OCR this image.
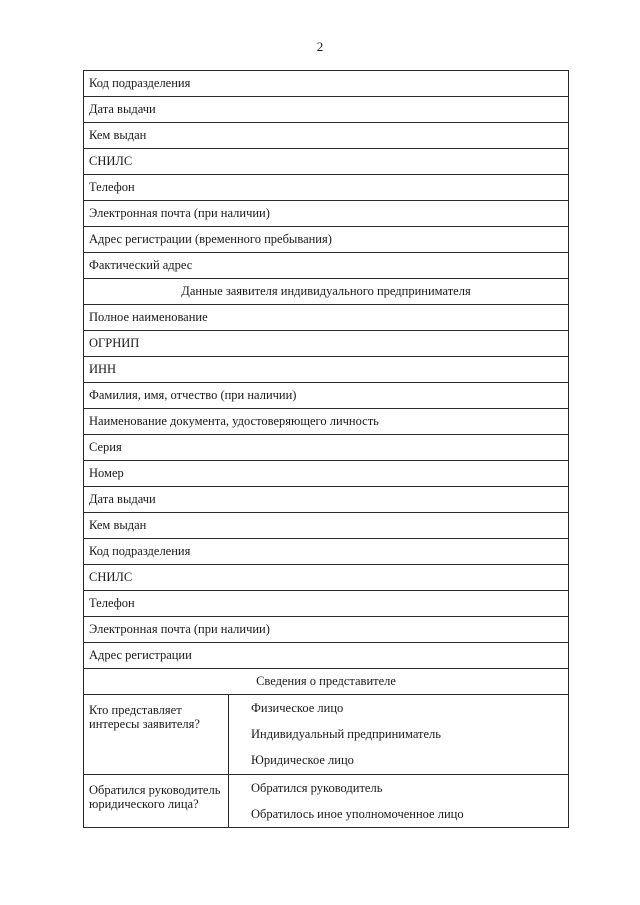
2
Код подразделения	
Дата выдачи	
Кем выдан	
СНИЛС	
Телефон	
Электронная почта (при наличии)	
Адрес регистрации (временного пребывания)	
Фактический адрес	
Данные заявителя индивидуального предпринимателя	
Полное наименование	
ОГРНИП	
ИНН	
Фамилия, имя, отчество (при наличии)	
Наименование документа, удостоверяющего личность	
Серия	
Номер	
Дата выдачи	
Кем выдан	
Код подразделения	
СНИЛС	
Телефон	
Электронная почта (при наличии)	
Адрес регистрации	
Сведения о представителе	
Кто представляет интересы заявителя?	Физическое лицо
Индивидуальный предприниматель
Юридическое лицо

Обратился руководитель юридического лица?	Обратился руководитель
Обратилось иное уполномоченное лицо
